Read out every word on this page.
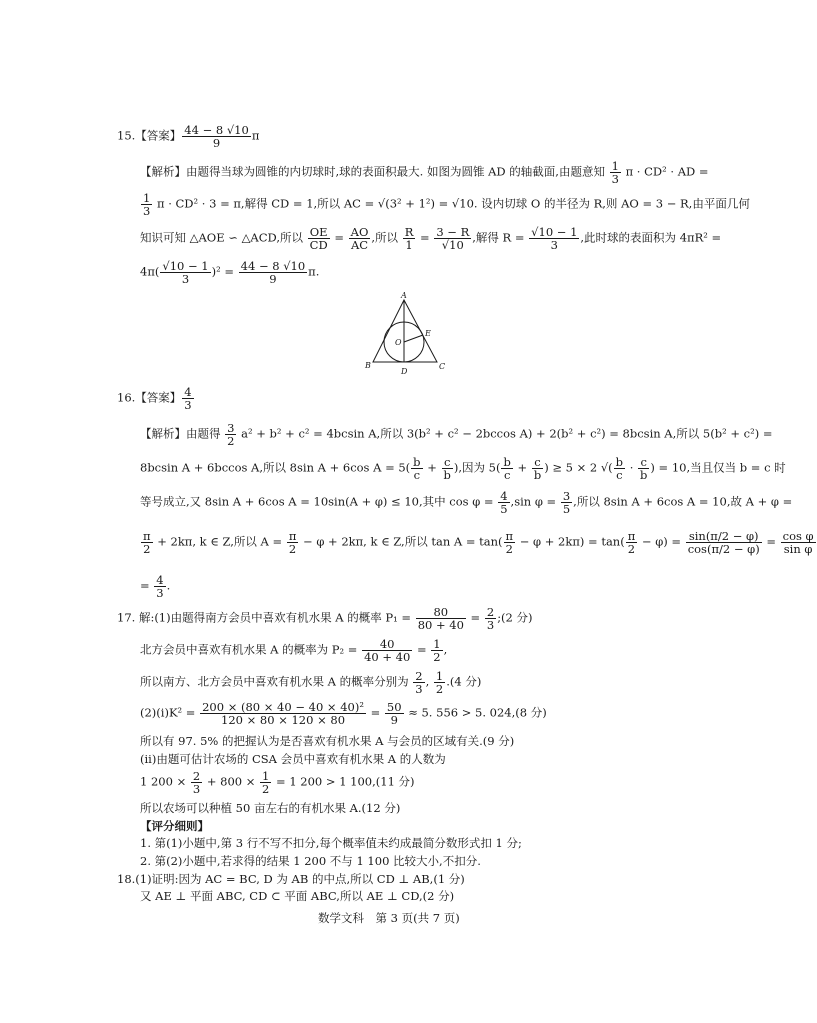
15.【答案】 $\frac{44 - 8 √10}{9}$ π
【解析】由题得当球为圆锥的内切球时,球的表面积最大. 如图为圆锥 AD 的轴截面,由题意知 $\frac{1}{3}$ π · CD² · AD =
$\frac{1}{3}$ π · CD² · 3 = π,解得 CD = 1,所以 AC = √(3² + 1²) = √10. 设内切球 O 的半径为 R,则 AO = 3 − R,由平面几何
知识可知 △AOE ∽ △ACD,所以 $\frac{OE}{CD} = \frac{AO}{AC}$ ,所以 $\frac{R}{1} = \frac{3 - R}{√10}$ ,解得 $R = \frac{√10 - 1}{3}$ ,此时球的表面积为 4πR² =
$4\pi( \frac{√10 - 1}{3} )^2 = \frac{44 - 8 √10}{9} \pi$.
A
B	C
D
E
O
16.【答案】 $\frac{4}{3}$
【解析】由题得 $\frac{3}{2} a^2 + b^2 + c^2 = 4bcsin$ A,所以 3(b² + c² − 2bccos A) + 2(b² + c²) = 8bcsin A,所以 5(b² + c²) =
8bcsin A + 6bccos A,所以 8sin A + 6cos $A = 5( \frac{b}{c} + \frac{c}{b}$ ),因为 $5( \frac{b}{c} + \frac{c}{b}$ ) ≥ 5 × 2 √( $\frac{b}{c} \cdot \frac{c}{b}$ ) = 10,当且仅当 b = c 时
等号成立,又 8sin A + 6cos A = 10sin(A + φ) ≤ 10,其中 $\cos \varphi = \frac{4}{5} ,\sin$ $\varphi = \frac{3}{5}$ ,所以 8sin A + 6cos A = 10,故 A + φ =
$\frac{\pi}{2} + 2k\pi$, k ∈ Z,所以 $A = \frac{\pi}{2} - \varphi + 2k\pi$, k ∈ Z,所以 $\tan A = \tan( \frac{\pi}{2} - \varphi + 2k\pi) = \tan( \frac{\pi}{2} - \varphi) = \frac{\sin(\pi/2 - \varphi)}{\cos(\pi/2 - \varphi)} = \frac{\text{cos φ}}{\text{sin φ}}$
= $\frac{4}{3}$ .
17. 解:(1)由题得南方会员中喜欢有机水果 A 的概率 $P_1 = \frac{80}{80 + 40} = \frac{2}{3}$ ;(2 分)
北方会员中喜欢有机水果 A 的概率为 $P_2 = \frac{40}{40 + 40} = \frac{1}{2}$ ,
所以南方、北方会员中喜欢有机水果 A 的概率分别为 $\frac{2}{3}$ , $\frac{1}{2} .(4$ 分)
$(2)(i)K^2 = \frac{\text{200 × (80 × 40 − 40 × 40)²}}{120 \times 80 \times 120 \times 80} = \frac{50}{9} \approx 5$. 556 > 5. 024,(8 分)
所以有 97. 5% 的把握认为是否喜欢有机水果 A 与会员的区域有关.(9 分)
(ii)由题可估计农场的 CSA 会员中喜欢有机水果 A 的人数为
1 $200 \times \frac{2}{3} + 800 \times \frac{1}{2} = 1$ 200 > 1 100,(11 分)
所以农场可以种植 50 亩左右的有机水果 A.(12 分)
【评分细则】
1. 第(1)小题中,第 3 行不写不扣分,每个概率值未约成最简分数形式扣 1 分;
2. 第(2)小题中,若求得的结果 1 200 不与 1 100 比较大小,不扣分.
18.(1)证明:因为 AC = BC, D 为 AB 的中点,所以 CD ⊥ AB,(1 分)
又 AE ⊥ 平面 ABC, CD ⊂ 平面 ABC,所以 AE ⊥ CD,(2 分)
数学文科　第 3 页(共 7 页)
